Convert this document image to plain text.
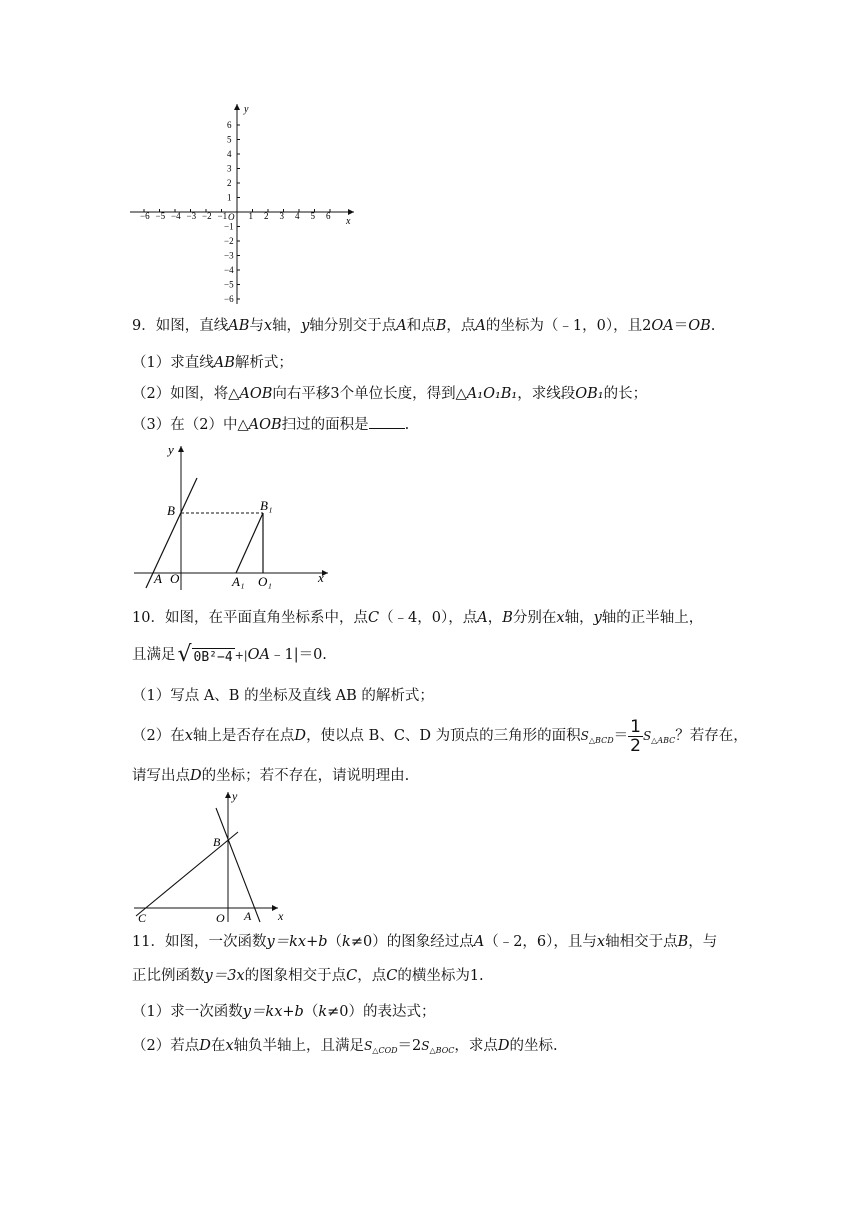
y
x
O
−6 −5 −4 −3 −2 −1 1 2 3 4 5 6
6
5
4
3
2
1
−1
−2
−3
−4
−5
−6
9．如图，直线AB与x轴，y轴分别交于点A和点B，点A的坐标为（﹣1，0），且2OA＝OB.
（1）求直线AB解析式；
（2）如图，将△AOB向右平移3个单位长度，得到△A₁O₁B₁，求线段OB₁的长；
（3）在（2）中△AOB扫过的面积是 .
y
x
B	B₁
A O	A₁ O₁
10．如图，在平面直角坐标系中，点C（﹣4，0），点A，B分别在x轴，y轴的正半轴上，
且满足 √ 0B²−4 +|OA﹣1|＝0.
（1）写点 A、B 的坐标及直线 AB 的解析式；
（2）在x轴上是否存在点D，使以点 B、C、D 为顶点的三角形的面积$S_{\triangle BCD}= \frac{1}{2} S_{\triangle ABC}$？若存在，
请写出点D的坐标；若不存在，请说明理由.
y
x
B
C	O A
11．如图，一次函数y＝kx+b（k≠0）的图象经过点A（﹣2，6），且与x轴相交于点B，与
正比例函数y＝3x的图象相交于点C，点C的横坐标为1.
（1）求一次函数y＝kx+b（k≠0）的表达式；
（2）若点D在x轴负半轴上，且满足$S_{\triangle COD}=2S_{\triangle BOC}$，求点D的坐标.
